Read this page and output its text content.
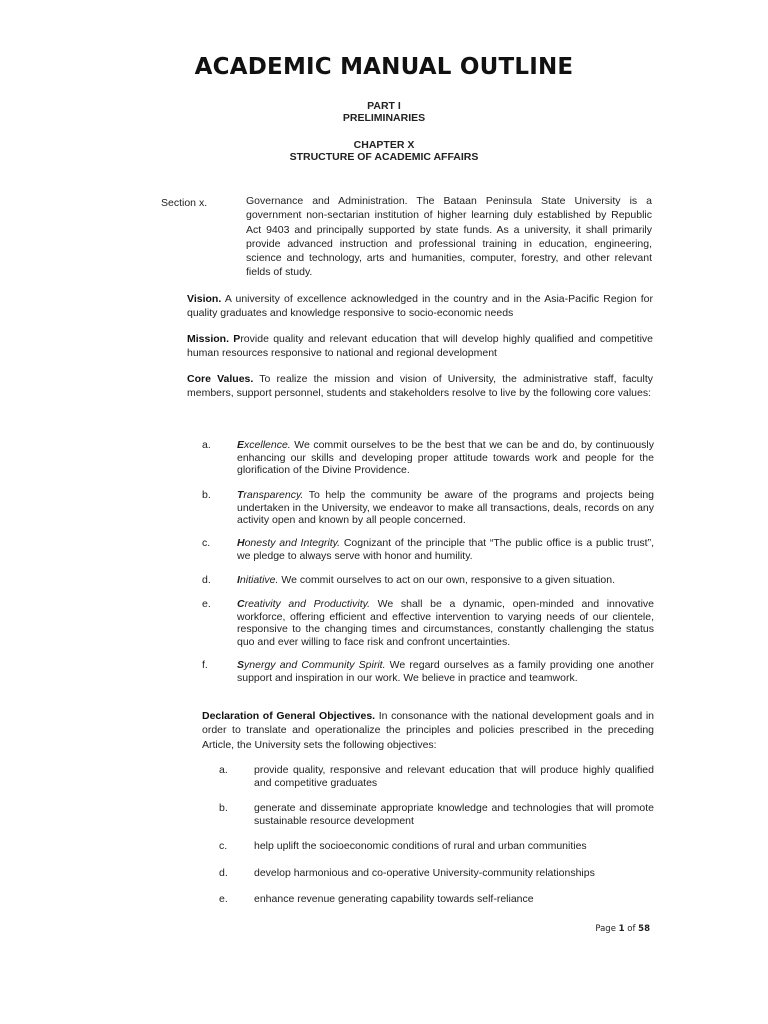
ACADEMIC MANUAL OUTLINE
PART I
PRELIMINARIES
CHAPTER X
STRUCTURE OF ACADEMIC AFFAIRS
Section x.	Governance and Administration. The Bataan Peninsula State University is a government non-sectarian institution of higher learning duly established by Republic Act 9403 and principally supported by state funds. As a university, it shall primarily provide advanced instruction and professional training in education, engineering, science and technology, arts and humanities, computer, forestry, and other relevant fields of study.
Vision. A university of excellence acknowledged in the country and in the Asia-Pacific Region for quality graduates and knowledge responsive to socio-economic needs
Mission. Provide quality and relevant education that will develop highly qualified and competitive human resources responsive to national and regional development
Core Values. To realize the mission and vision of University, the administrative staff, faculty members, support personnel, students and stakeholders resolve to live by the following core values:
a. Excellence. We commit ourselves to be the best that we can be and do, by continuously enhancing our skills and developing proper attitude towards work and people for the glorification of the Divine Providence.
b. Transparency. To help the community be aware of the programs and projects being undertaken in the University, we endeavor to make all transactions, deals, records on any activity open and known by all people concerned.
c.	Honesty and Integrity. Cognizant of the principle that “The public office is a public trust”, we pledge to always serve with honor and humility.
d. Initiative. We commit ourselves to act on our own, responsive to a given situation.
e. Creativity and Productivity. We shall be a dynamic, open-minded and innovative workforce, offering efficient and effective intervention to varying needs of our clientele, responsive to the changing times and circumstances, constantly challenging the status quo and ever willing to face risk and confront uncertainties.
f.	Synergy and Community Spirit. We regard ourselves as a family providing one another support and inspiration in our work. We believe in practice and teamwork.
Declaration of General Objectives. In consonance with the national development goals and in order to translate and operationalize the principles and policies prescribed in the preceding Article, the University sets the following objectives:
a. provide quality, responsive and relevant education that will produce highly qualified and competitive graduates
b. generate and disseminate appropriate knowledge and technologies that will promote sustainable resource development
c.	help uplift the socioeconomic conditions of rural and urban communities
d. develop harmonious and co-operative University-community relationships
e. enhance revenue generating capability towards self-reliance
Page 1 of 58
